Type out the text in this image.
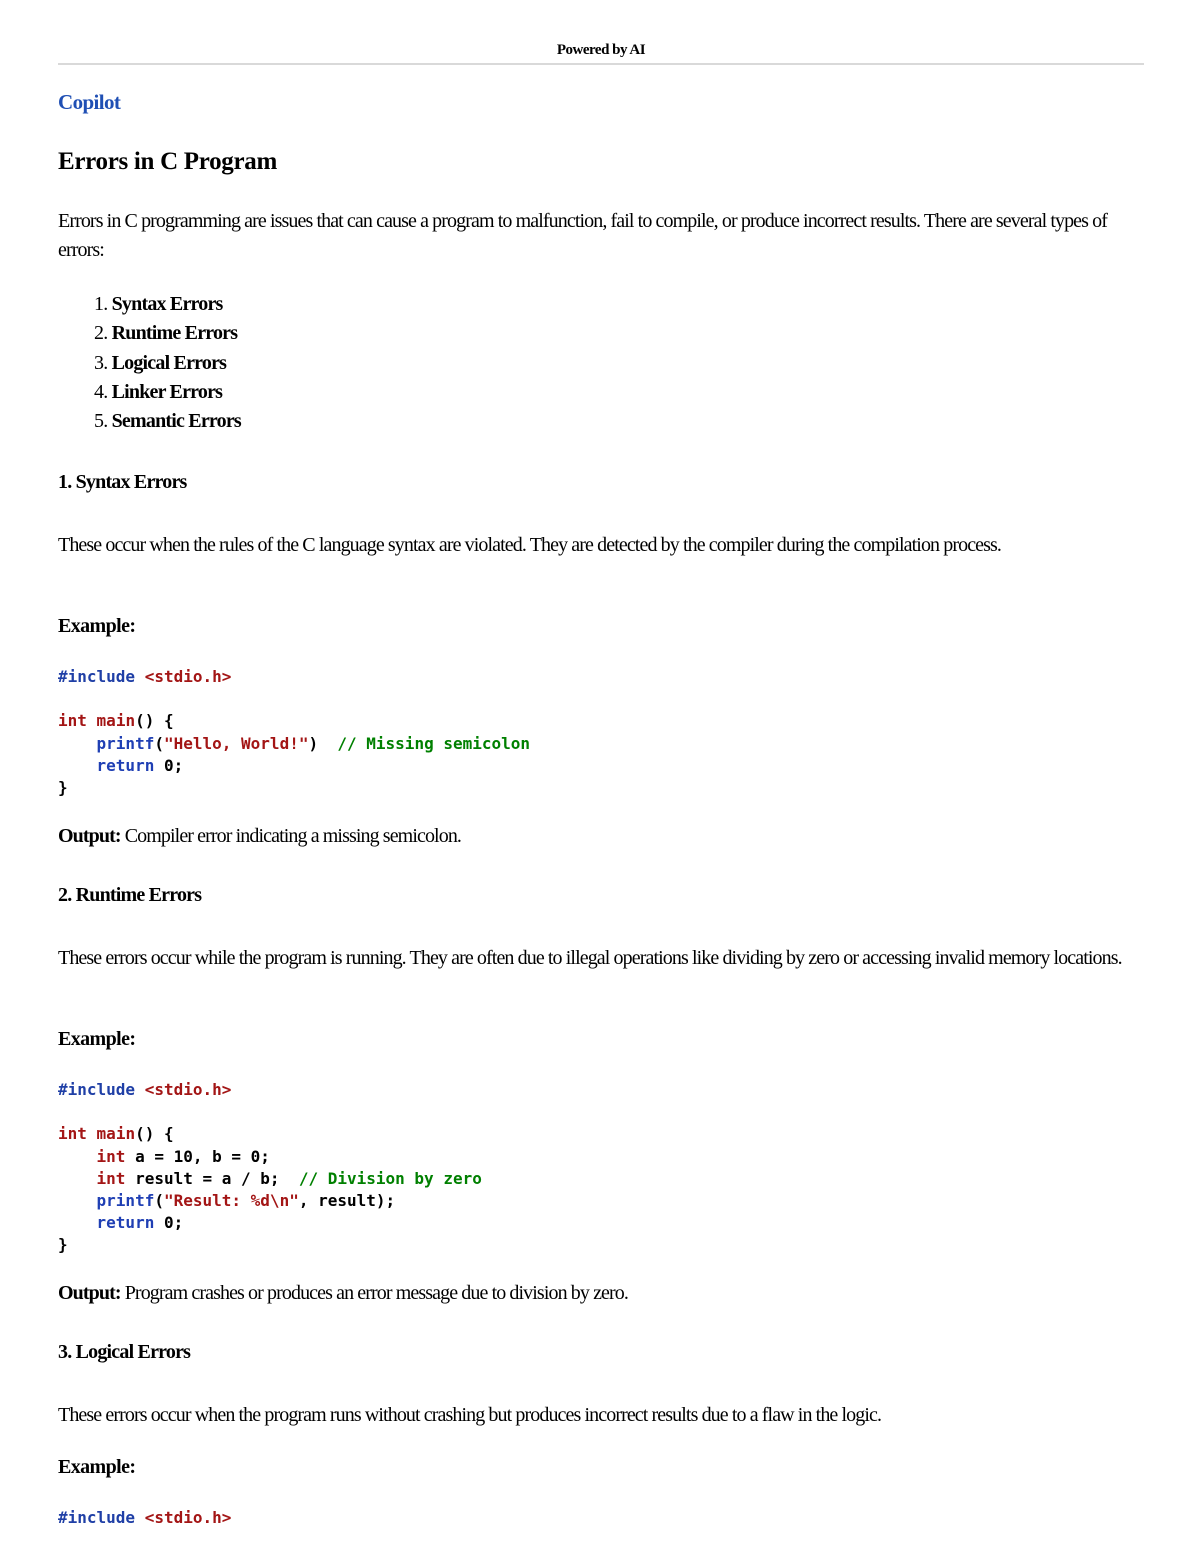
Powered by AI
Copilot
Errors in C Program
Errors in C programming are issues that can cause a program to malfunction, fail to compile, or produce incorrect results. There are several types of errors:
1. Syntax Errors
2. Runtime Errors
3. Logical Errors
4. Linker Errors
5. Semantic Errors
1. Syntax Errors
These occur when the rules of the C language syntax are violated. They are detected by the compiler during the compilation process.
Example:
#include <stdio.h>

int main() {
printf("Hello, World!")  // Missing semicolon
return 0;
}
Output: Compiler error indicating a missing semicolon.
2. Runtime Errors
These errors occur while the program is running. They are often due to illegal operations like dividing by zero or accessing invalid memory locations.
Example:
#include <stdio.h>

int main() {
int a = 10, b = 0;
int result = a / b;  // Division by zero
printf("Result: %d\n", result);
return 0;
}
Output: Program crashes or produces an error message due to division by zero.
3. Logical Errors
These errors occur when the program runs without crashing but produces incorrect results due to a flaw in the logic.
Example:
#include <stdio.h>
